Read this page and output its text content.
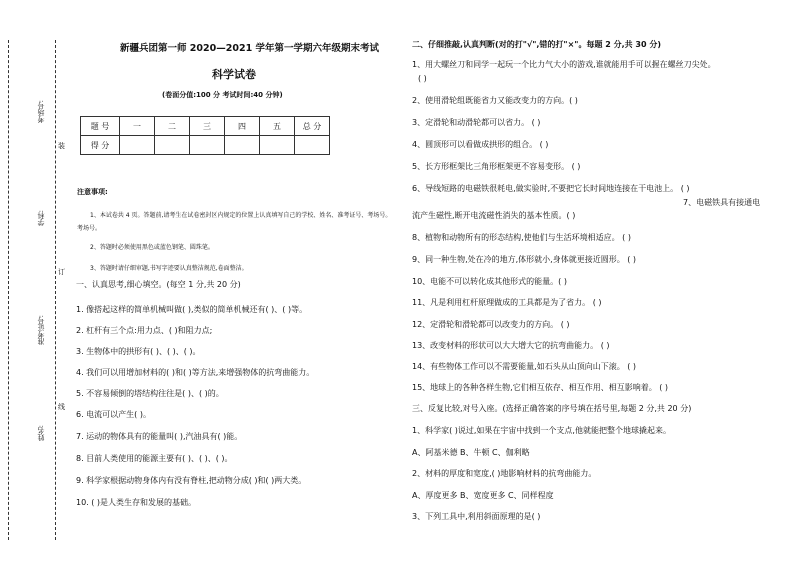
考场号:
学科:
准考证号:
姓名:
装
订
线
新疆兵团第一师 2020—2021 学年第一学期六年级期末考试
科学试卷
(卷面分值:100 分 考试时间:40 分钟)
题 号	一	二	三	四	五	总 分
得 分						
注意事项:
1、本试卷共 4 页。答题前,请考生在试卷密封区内规定的位置上认真填写自己的学校、姓名、准考证号、考场号。
考场号。
2、答题时必须使用黑色或蓝色钢笔、圆珠笔。
3、答题时请仔细审题,书写字迹要认真整洁规范,卷面整洁。
一、认真思考,细心填空。(每空 1 分,共 20 分)
1. 像搭起这样的简单机械叫做( ),类似的简单机械还有( )、( )等。
2. 杠杆有三个点:用力点、( )和阻力点;
3. 生物体中的拱形有( )、( )、( )。
4. 我们可以用增加材料的( )和( )等方法,来增强物体的抗弯曲能力。
5. 不容易倾倒的塔结构往往是( )、( )的。
6. 电流可以产生( )。
7. 运动的物体具有的能量叫( ),汽油具有( )能。
8. 目前人类使用的能源主要有( )、( )、( )。
9. 科学家根据动物身体内有没有脊柱,把动物分成( )和( )两大类。
10. ( )是人类生存和发展的基础。
二、仔细推敲,认真判断(对的打"√",错的打"×"。每题 2 分,共 30 分)
1、用大螺丝刀和同学一起玩一个比力气大小的游戏,谁就能用手可以握在螺丝刀尖处。
( )
2、使用滑轮组既能省力又能改变力的方向。( )
3、定滑轮和动滑轮都可以省力。 ( )
4、圆顶形可以看做成拱形的组合。 ( )
5、长方形框架比三角形框架更不容易变形。 ( )
6、导线短路的电磁铁很耗电,做实验时,不要把它长时间地连接在干电池上。 ( )
7、电磁铁具有接通电
流产生磁性,断开电流磁性消失的基本性质。( )
8、植物和动物所有的形态结构,使他们与生活环境相适应。 ( )
9、同一种生物,处在冷的地方,体形就小,身体就更接近圆形。 ( )
10、电能不可以转化成其他形式的能量。( )
11、凡是利用杠杆原理做成的工具都是为了省力。 ( )
12、定滑轮和滑轮都可以改变力的方向。 ( )
13、改变材料的形状可以大大增大它的抗弯曲能力。 ( )
14、有些物体工作可以不需要能量,如石头从山顶向山下滚。 ( )
15、地球上的各种各样生物,它们相互依存、相互作用、相互影响着。 ( )
三、反复比较,对号入座。(选择正确答案的序号填在括号里,每题 2 分,共 20 分)
1、科学家( )说过,如果在宇宙中找到一个支点,他就能把整个地球撬起来。
A、阿基米德 B、牛顿 C、伽利略
2、材料的厚度和宽度,( )地影响材料的抗弯曲能力。
A、厚度更多 B、宽度更多 C、同样程度
3、下列工具中,利用斜面原理的是( )
